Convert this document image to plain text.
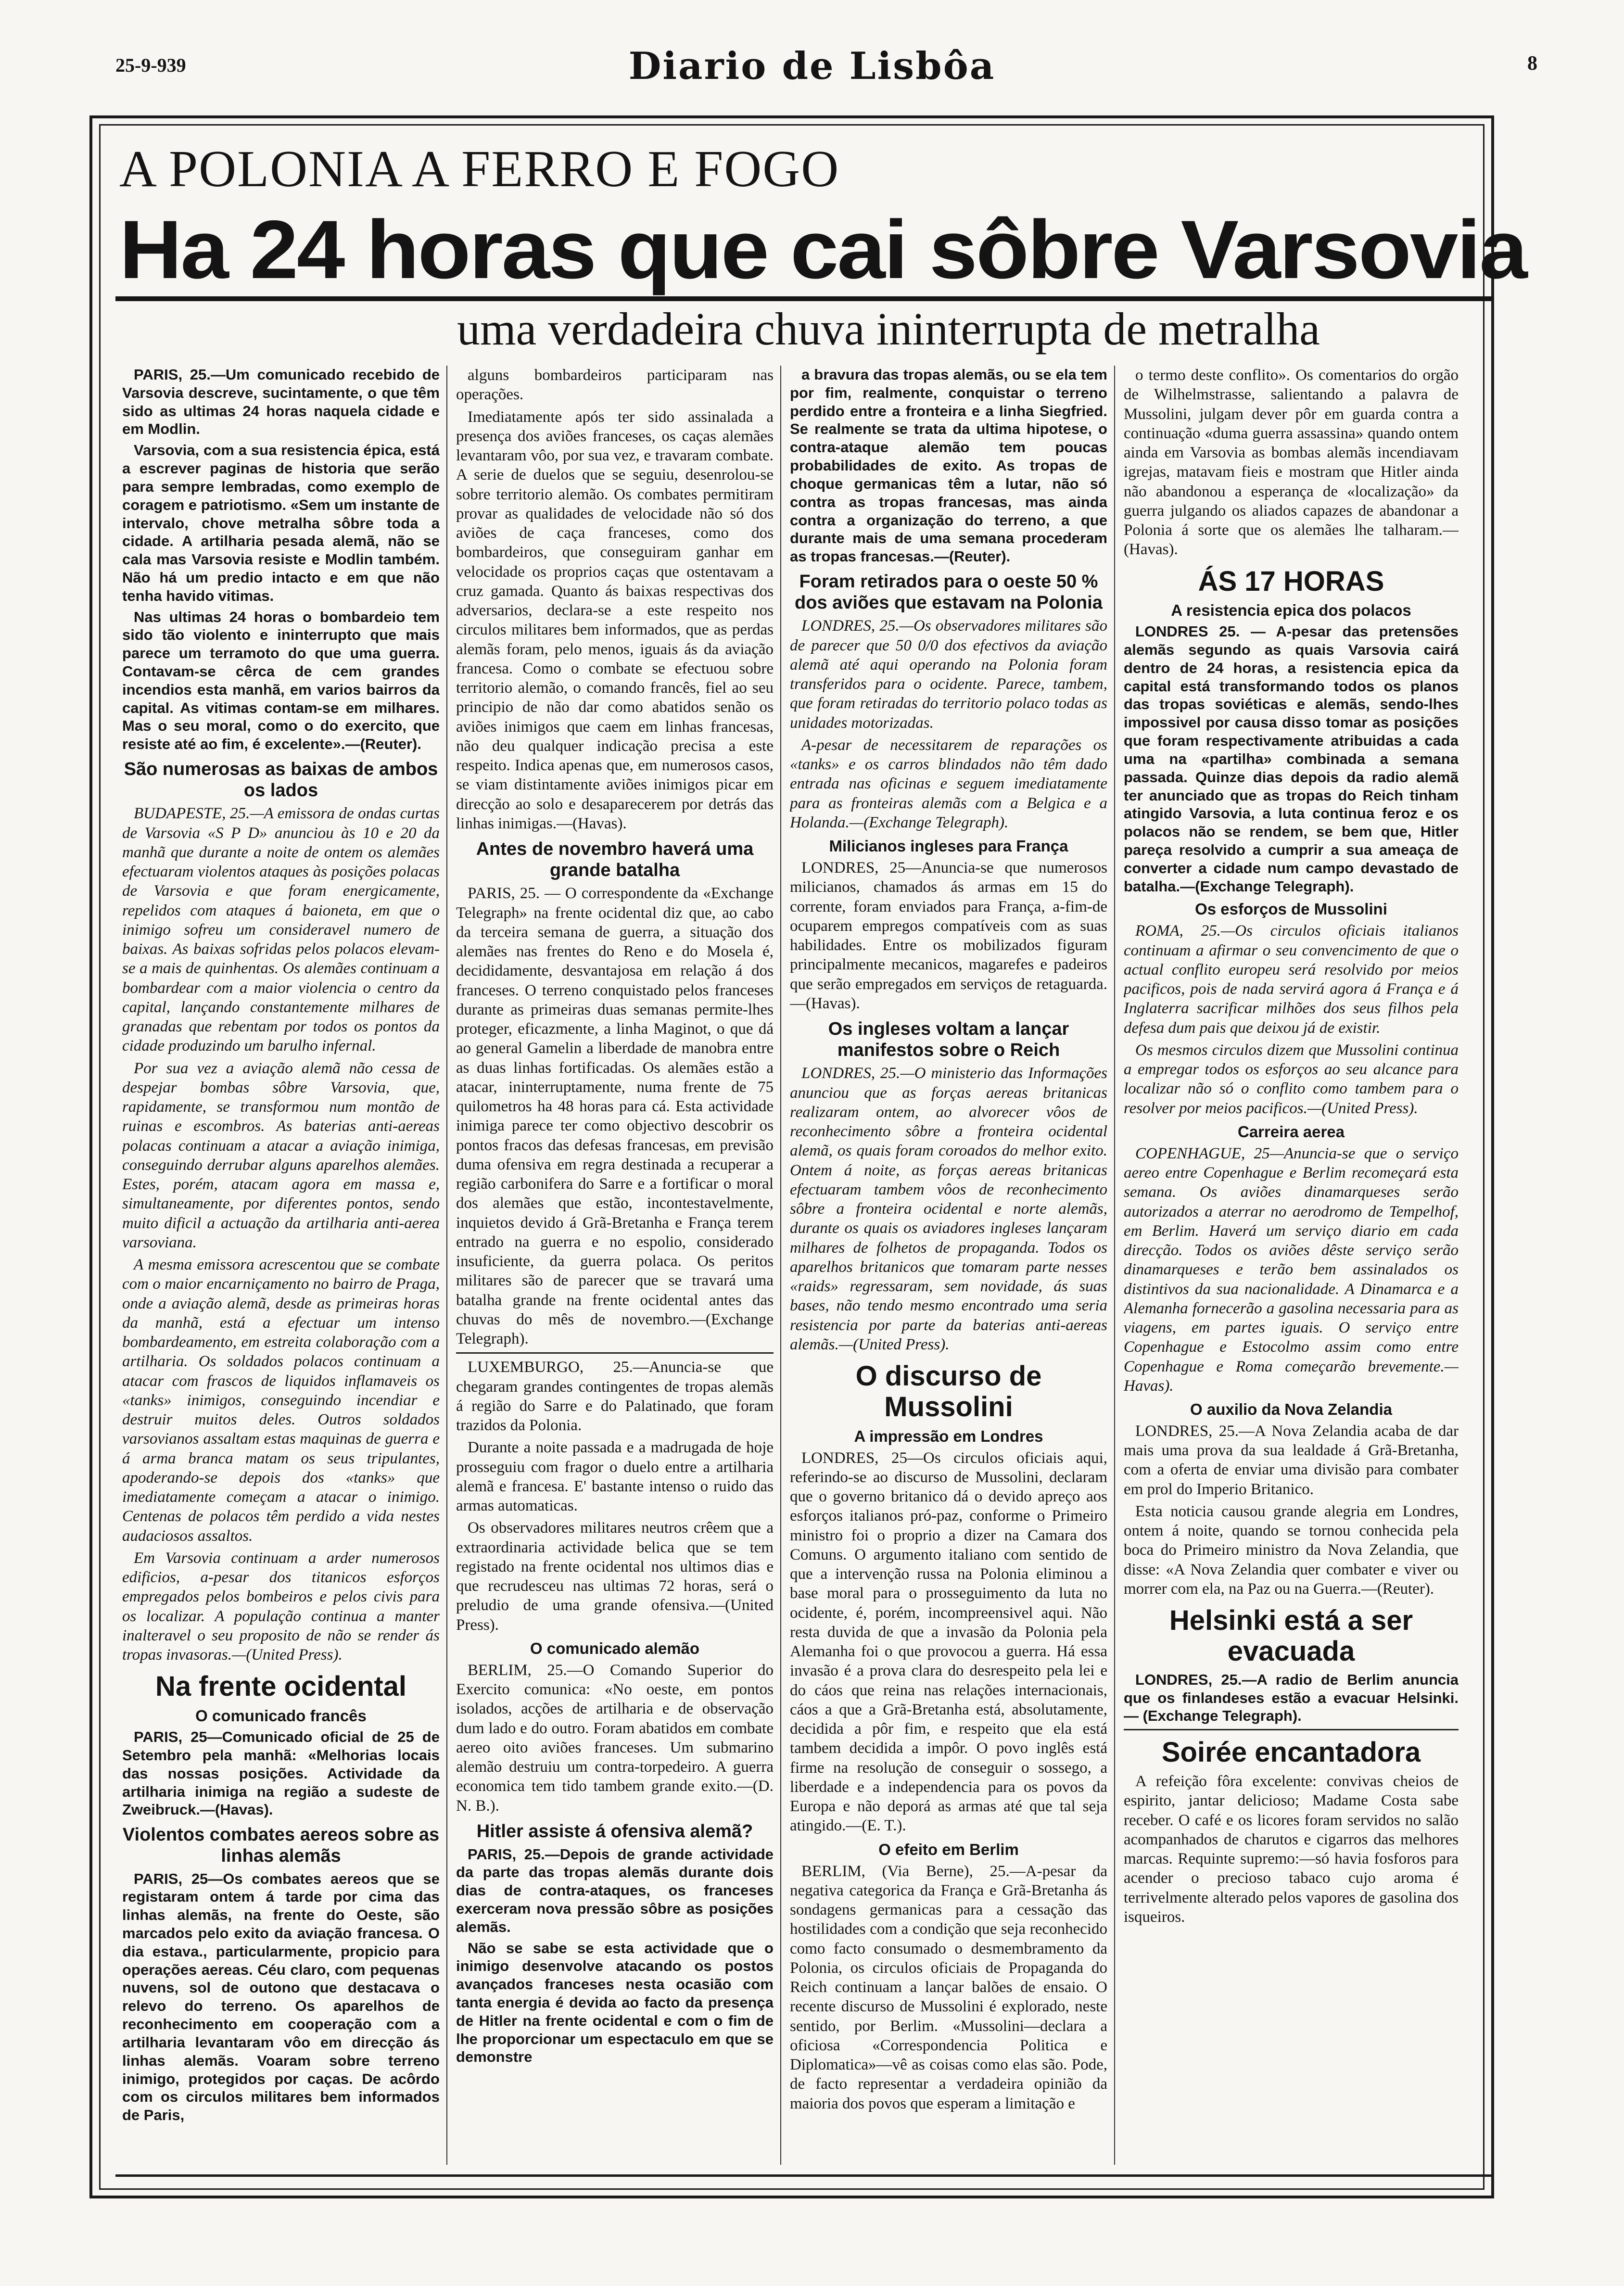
25-9-939	Diario de Lisbôa	8
A POLONIA A FERRO E FOGO
Ha 24 horas que cai sôbre Varsovia
uma verdadeira chuva ininterrupta de metralha

PARIS, 25.—Um comunicado recebido de Varsovia descreve, sucintamente, o que têm sido as ultimas 24 horas naquela cidade e em Modlin.

Varsovia, com a sua resistencia épica, está a escrever paginas de historia que serão para sempre lembradas, como exemplo de coragem e patriotismo. «Sem um instante de intervalo, chove metralha sôbre toda a cidade. A artilharia pesada alemã, não se cala mas Varsovia resiste e Modlin também. Não há um predio intacto e em que não tenha havido vitimas.

Nas ultimas 24 horas o bombardeio tem sido tão violento e ininterrupto que mais parece um terramoto do que uma guerra. Contavam-se cêrca de cem grandes incendios esta manhã, em varios bairros da capital. As vitimas contam-se em milhares. Mas o seu moral, como o do exercito, que resiste até ao fim, é excelente».—(Reuter).

São numerosas as baixas de ambos os lados

BUDAPESTE, 25.—A emissora de ondas curtas de Varsovia «S P D» anunciou às 10 e 20 da manhã que durante a noite de ontem os alemães efectuaram violentos ataques às posições polacas de Varsovia e que foram energicamente, repelidos com ataques á baioneta, em que o inimigo sofreu um consideravel numero de baixas. As baixas sofridas pelos polacos elevam-se a mais de quinhentas. Os alemães continuam a bombardear com a maior violencia o centro da capital, lançando constantemente milhares de granadas que rebentam por todos os pontos da cidade produzindo um barulho infernal.

Por sua vez a aviação alemã não cessa de despejar bombas sôbre Varsovia, que, rapidamente, se transformou num montão de ruinas e escombros. As baterias anti-aereas polacas continuam a atacar a aviação inimiga, conseguindo derrubar alguns aparelhos alemães. Estes, porém, atacam agora em massa e, simultaneamente, por diferentes pontos, sendo muito dificil a actuação da artilharia anti-aerea varsoviana.

A mesma emissora acrescentou que se combate com o maior encarniçamento no bairro de Praga, onde a aviação alemã, desde as primeiras horas da manhã, está a efectuar um intenso bombardeamento, em estreita colaboração com a artilharia. Os soldados polacos continuam a atacar com frascos de liquidos inflamaveis os «tanks» inimigos, conseguindo incendiar e destruir muitos deles. Outros soldados varsovianos assaltam estas maquinas de guerra e á arma branca matam os seus tripulantes, apoderando-se depois dos «tanks» que imediatamente começam a atacar o inimigo. Centenas de polacos têm perdido a vida nestes audaciosos assaltos.

Em Varsovia continuam a arder numerosos edificios, a-pesar dos titanicos esforços empregados pelos bombeiros e pelos civis para os localizar. A população continua a manter inalteravel o seu proposito de não se render ás tropas invasoras.—(United Press).

Na frente ocidental
O comunicado francês

PARIS, 25—Comunicado oficial de 25 de Setembro pela manhã: «Melhorias locais das nossas posições. Actividade da artilharia inimiga na região a sudeste de Zweibruck.—(Havas).

Violentos combates aereos sobre as linhas alemãs

PARIS, 25—Os combates aereos que se registaram ontem á tarde por cima das linhas alemãs, na frente do Oeste, são marcados pelo exito da aviação francesa. O dia estava., particularmente, propicio para operações aereas. Céu claro, com pequenas nuvens, sol de outono que destacava o relevo do terreno. Os aparelhos de reconhecimento em cooperação com a artilharia levantaram vôo em direcção ás linhas alemãs. Voaram sobre terreno inimigo, protegidos por caças. De acôrdo com os circulos militares bem informados de Paris,

alguns bombardeiros participaram nas operações.

Imediatamente após ter sido assinalada a presença dos aviões franceses, os caças alemães levantaram vôo, por sua vez, e travaram combate. A serie de duelos que se seguiu, desenrolou-se sobre territorio alemão. Os combates permitiram provar as qualidades de velocidade não só dos aviões de caça franceses, como dos bombardeiros, que conseguiram ganhar em velocidade os proprios caças que ostentavam a cruz gamada. Quanto ás baixas respectivas dos adversarios, declara-se a este respeito nos circulos militares bem informados, que as perdas alemãs foram, pelo menos, iguais ás da aviação francesa. Como o combate se efectuou sobre territorio alemão, o comando francês, fiel ao seu principio de não dar como abatidos senão os aviões inimigos que caem em linhas francesas, não deu qualquer indicação precisa a este respeito. Indica apenas que, em numerosos casos, se viam distintamente aviões inimigos picar em direcção ao solo e desaparecerem por detrás das linhas inimigas.—(Havas).

Antes de novembro haverá uma grande batalha

PARIS, 25. — O correspondente da «Exchange Telegraph» na frente ocidental diz que, ao cabo da terceira semana de guerra, a situação dos alemães nas frentes do Reno e do Mosela é, decididamente, desvantajosa em relação á dos franceses. O terreno conquistado pelos franceses durante as primeiras duas semanas permite-lhes proteger, eficazmente, a linha Maginot, o que dá ao general Gamelin a liberdade de manobra entre as duas linhas fortificadas. Os alemães estão a atacar, ininterruptamente, numa frente de 75 quilometros ha 48 horas para cá. Esta actividade inimiga parece ter como objectivo descobrir os pontos fracos das defesas francesas, em previsão duma ofensiva em regra destinada a recuperar a região carbonifera do Sarre e a fortificar o moral dos alemães que estão, incontestavelmente, inquietos devido á Grã-Bretanha e França terem entrado na guerra e no espolio, considerado insuficiente, da guerra polaca. Os peritos militares são de parecer que se travará uma batalha grande na frente ocidental antes das chuvas do mês de novembro.—(Exchange Telegraph).

LUXEMBURGO, 25.—Anuncia-se que chegaram grandes contingentes de tropas alemãs á região do Sarre e do Palatinado, que foram trazidos da Polonia.

Durante a noite passada e a madrugada de hoje prosseguiu com fragor o duelo entre a artilharia alemã e francesa. E' bastante intenso o ruido das armas automaticas.

Os observadores militares neutros crêem que a extraordinaria actividade belica que se tem registado na frente ocidental nos ultimos dias e que recrudesceu nas ultimas 72 horas, será o preludio de uma grande ofensiva.—(United Press).

O comunicado alemão

BERLIM, 25.—O Comando Superior do Exercito comunica: «No oeste, em pontos isolados, acções de artilharia e de observação dum lado e do outro. Foram abatidos em combate aereo oito aviões franceses. Um submarino alemão destruiu um contra-torpedeiro. A guerra economica tem tido tambem grande exito.—(D. N. B.).

Hitler assiste á ofensiva alemã?

PARIS, 25.—Depois de grande actividade da parte das tropas alemãs durante dois dias de contra-ataques, os franceses exerceram nova pressão sôbre as posições alemãs.

Não se sabe se esta actividade que o inimigo desenvolve atacando os postos avançados franceses nesta ocasião com tanta energia é devida ao facto da presença de Hitler na frente ocidental e com o fim de lhe proporcionar um espectaculo em que se demonstre

a bravura das tropas alemãs, ou se ela tem por fim, realmente, conquistar o terreno perdido entre a fronteira e a linha Siegfried. Se realmente se trata da ultima hipotese, o contra-ataque alemão tem poucas probabilidades de exito. As tropas de choque germanicas têm a lutar, não só contra as tropas francesas, mas ainda contra a organização do terreno, a que durante mais de uma semana procederam as tropas francesas.—(Reuter).

Foram retirados para o oeste 50 % dos aviões que estavam na Polonia

LONDRES, 25.—Os observadores militares são de parecer que 50 0/0 dos efectivos da aviação alemã até aqui operando na Polonia foram transferidos para o ocidente. Parece, tambem, que foram retiradas do territorio polaco todas as unidades motorizadas.

A-pesar de necessitarem de reparações os «tanks» e os carros blindados não têm dado entrada nas oficinas e seguem imediatamente para as fronteiras alemãs com a Belgica e a Holanda.—(Exchange Telegraph).

Milicianos ingleses para França

LONDRES, 25—Anuncia-se que numerosos milicianos, chamados ás armas em 15 do corrente, foram enviados para França, a-fim-de ocuparem empregos compatíveis com as suas habilidades. Entre os mobilizados figuram principalmente mecanicos, magarefes e padeiros que serão empregados em serviços de retaguarda.—(Havas).

Os ingleses voltam a lançar manifestos sobre o Reich

LONDRES, 25.—O ministerio das Informações anunciou que as forças aereas britanicas realizaram ontem, ao alvorecer vôos de reconhecimento sôbre a fronteira ocidental alemã, os quais foram coroados do melhor exito. Ontem á noite, as forças aereas britanicas efectuaram tambem vôos de reconhecimento sôbre a fronteira ocidental e norte alemãs, durante os quais os aviadores ingleses lançaram milhares de folhetos de propaganda. Todos os aparelhos britanicos que tomaram parte nesses «raids» regressaram, sem novidade, ás suas bases, não tendo mesmo encontrado uma seria resistencia por parte da baterias anti-aereas alemãs.—(United Press).

O discurso de Mussolini
A impressão em Londres

LONDRES, 25—Os circulos oficiais aqui, referindo-se ao discurso de Mussolini, declaram que o governo britanico dá o devido apreço aos esforços italianos pró-paz, conforme o Primeiro ministro foi o proprio a dizer na Camara dos Comuns. O argumento italiano com sentido de que a intervenção russa na Polonia eliminou a base moral para o prosseguimento da luta no ocidente, é, porém, incompreensivel aqui. Não resta duvida de que a invasão da Polonia pela Alemanha foi o que provocou a guerra. Há essa invasão é a prova clara do desrespeito pela lei e do cáos que reina nas relações internacionais, cáos a que a Grã-Bretanha está, absolutamente, decidida a pôr fim, e respeito que ela está tambem decidida a impôr. O povo inglês está firme na resolução de conseguir o sossego, a liberdade e a independencia para os povos da Europa e não deporá as armas até que tal seja atingido.—(E. T.).

O efeito em Berlim

BERLIM, (Via Berne), 25.—A-pesar da negativa categorica da França e Grã-Bretanha ás sondagens germanicas para a cessação das hostilidades com a condição que seja reconhecido como facto consumado o desmembramento da Polonia, os circulos oficiais de Propaganda do Reich continuam a lançar balões de ensaio. O recente discurso de Mussolini é explorado, neste sentido, por Berlim. «Mussolini—declara a oficiosa «Correspondencia Politica e Diplomatica»—vê as coisas como elas são. Pode, de facto representar a verdadeira opinião da maioria dos povos que esperam a limitação e

o termo deste conflito». Os comentarios do orgão de Wilhelmstrasse, salientando a palavra de Mussolini, julgam dever pôr em guarda contra a continuação «duma guerra assassina» quando ontem ainda em Varsovia as bombas alemãs incendiavam igrejas, matavam fieis e mostram que Hitler ainda não abandonou a esperança de «localização» da guerra julgando os aliados capazes de abandonar a Polonia á sorte que os alemães lhe talharam.—(Havas).

ÁS 17 HORAS
A resistencia epica dos polacos

LONDRES 25. — A-pesar das pretensões alemãs segundo as quais Varsovia cairá dentro de 24 horas, a resistencia epica da capital está transformando todos os planos das tropas soviéticas e alemãs, sendo-lhes impossivel por causa disso tomar as posições que foram respectivamente atribuidas a cada uma na «partilha» combinada a semana passada. Quinze dias depois da radio alemã ter anunciado que as tropas do Reich tinham atingido Varsovia, a luta continua feroz e os polacos não se rendem, se bem que, Hitler pareça resolvido a cumprir a sua ameaça de converter a cidade num campo devastado de batalha.—(Exchange Telegraph).

Os esforços de Mussolini

ROMA, 25.—Os circulos oficiais italianos continuam a afirmar o seu convencimento de que o actual conflito europeu será resolvido por meios pacificos, pois de nada servirá agora á França e á Inglaterra sacrificar milhões dos seus filhos pela defesa dum pais que deixou já de existir.

Os mesmos circulos dizem que Mussolini continua a empregar todos os esforços ao seu alcance para localizar não só o conflito como tambem para o resolver por meios pacificos.—(United Press).

Carreira aerea

COPENHAGUE, 25—Anuncia-se que o serviço aereo entre Copenhague e Berlim recomeçará esta semana. Os aviões dinamarqueses serão autorizados a aterrar no aerodromo de Tempelhof, em Berlim. Haverá um serviço diario em cada direcção. Todos os aviões dêste serviço serão dinamarqueses e terão bem assinalados os distintivos da sua nacionalidade. A Dinamarca e a Alemanha fornecerão a gasolina necessaria para as viagens, em partes iguais. O serviço entre Copenhague e Estocolmo assim como entre Copenhague e Roma começarão brevemente.—Havas).

O auxilio da Nova Zelandia

LONDRES, 25.—A Nova Zelandia acaba de dar mais uma prova da sua lealdade á Grã-Bretanha, com a oferta de enviar uma divisão para combater em prol do Imperio Britanico.

Esta noticia causou grande alegria em Londres, ontem á noite, quando se tornou conhecida pela boca do Primeiro ministro da Nova Zelandia, que disse: «A Nova Zelandia quer combater e viver ou morrer com ela, na Paz ou na Guerra.—(Reuter).

Helsinki está a ser evacuada

LONDRES, 25.—A radio de Berlim anuncia que os finlandeses estão a evacuar Helsinki. — (Exchange Telegraph).

Soirée encantadora

A refeição fôra excelente: convivas cheios de espirito, jantar delicioso; Madame Costa sabe receber. O café e os licores foram servidos no salão acompanhados de charutos e cigarros das melhores marcas. Requinte supremo:—só havia fosforos para acender o precioso tabaco cujo aroma é terrivelmente alterado pelos vapores de gasolina dos isqueiros.
